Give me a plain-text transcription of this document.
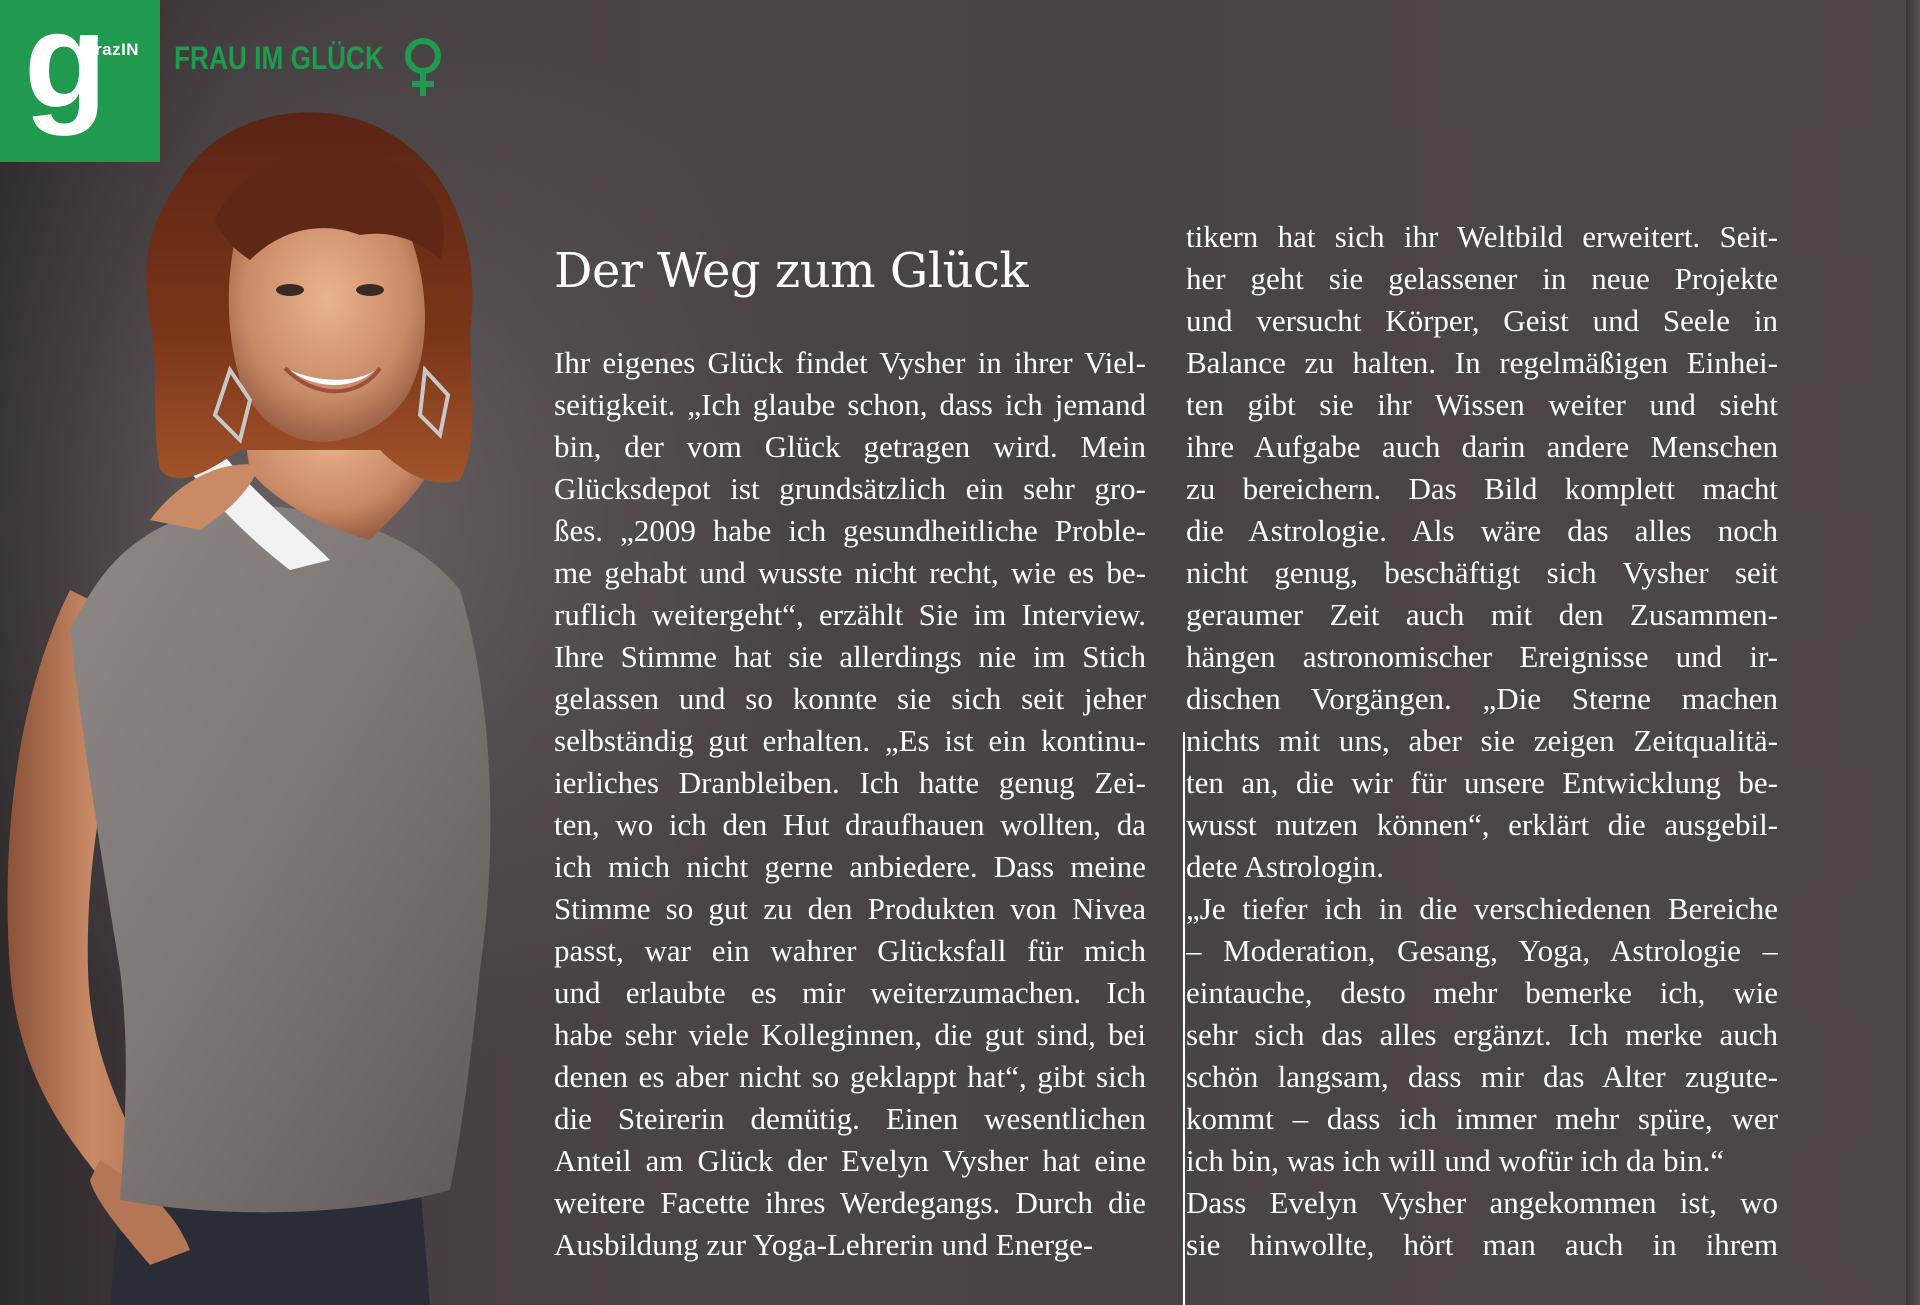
g
razIN FRAU IM GLÜCK
Der Weg zum Glück
Ihr eigenes Glück findet Vysher in ihrer Viel-
seitigkeit. „Ich glaube schon, dass ich jemand
bin, der vom Glück getragen wird. Mein
Glücksdepot ist grundsätzlich ein sehr gro-
ßes. „2009 habe ich gesundheitliche Proble-
me gehabt und wusste nicht recht, wie es be-
ruflich weitergeht“, erzählt Sie im Interview.
Ihre Stimme hat sie allerdings nie im Stich
gelassen und so konnte sie sich seit jeher
selbständig gut erhalten. „Es ist ein kontinu-
ierliches Dranbleiben. Ich hatte genug Zei-
ten, wo ich den Hut draufhauen wollten, da
ich mich nicht gerne anbiedere. Dass meine
Stimme so gut zu den Produkten von Nivea
passt, war ein wahrer Glücksfall für mich
und erlaubte es mir weiterzumachen. Ich
habe sehr viele Kolleginnen, die gut sind, bei
denen es aber nicht so geklappt hat“, gibt sich
die Steirerin demütig. Einen wesentlichen
Anteil am Glück der Evelyn Vysher hat eine
weitere Facette ihres Werdegangs. Durch die
Ausbildung zur Yoga-Lehrerin und Energe-
tikern hat sich ihr Weltbild erweitert. Seit-
her geht sie gelassener in neue Projekte
und versucht Körper, Geist und Seele in
Balance zu halten. In regelmäßigen Einhei-
ten gibt sie ihr Wissen weiter und sieht
ihre Aufgabe auch darin andere Menschen
zu bereichern. Das Bild komplett macht
die Astrologie. Als wäre das alles noch
nicht genug, beschäftigt sich Vysher seit
geraumer Zeit auch mit den Zusammen-
hängen astronomischer Ereignisse und ir-
dischen Vorgängen. „Die Sterne machen
nichts mit uns, aber sie zeigen Zeitqualitä-
ten an, die wir für unsere Entwicklung be-
wusst nutzen können“, erklärt die ausgebil-
dete Astrologin.
„Je tiefer ich in die verschiedenen Bereiche
– Moderation, Gesang, Yoga, Astrologie –
eintauche, desto mehr bemerke ich, wie
sehr sich das alles ergänzt. Ich merke auch
schön langsam, dass mir das Alter zugute-
kommt – dass ich immer mehr spüre, wer
ich bin, was ich will und wofür ich da bin.“
Dass Evelyn Vysher angekommen ist, wo
sie hinwollte, hört man auch in ihrem
